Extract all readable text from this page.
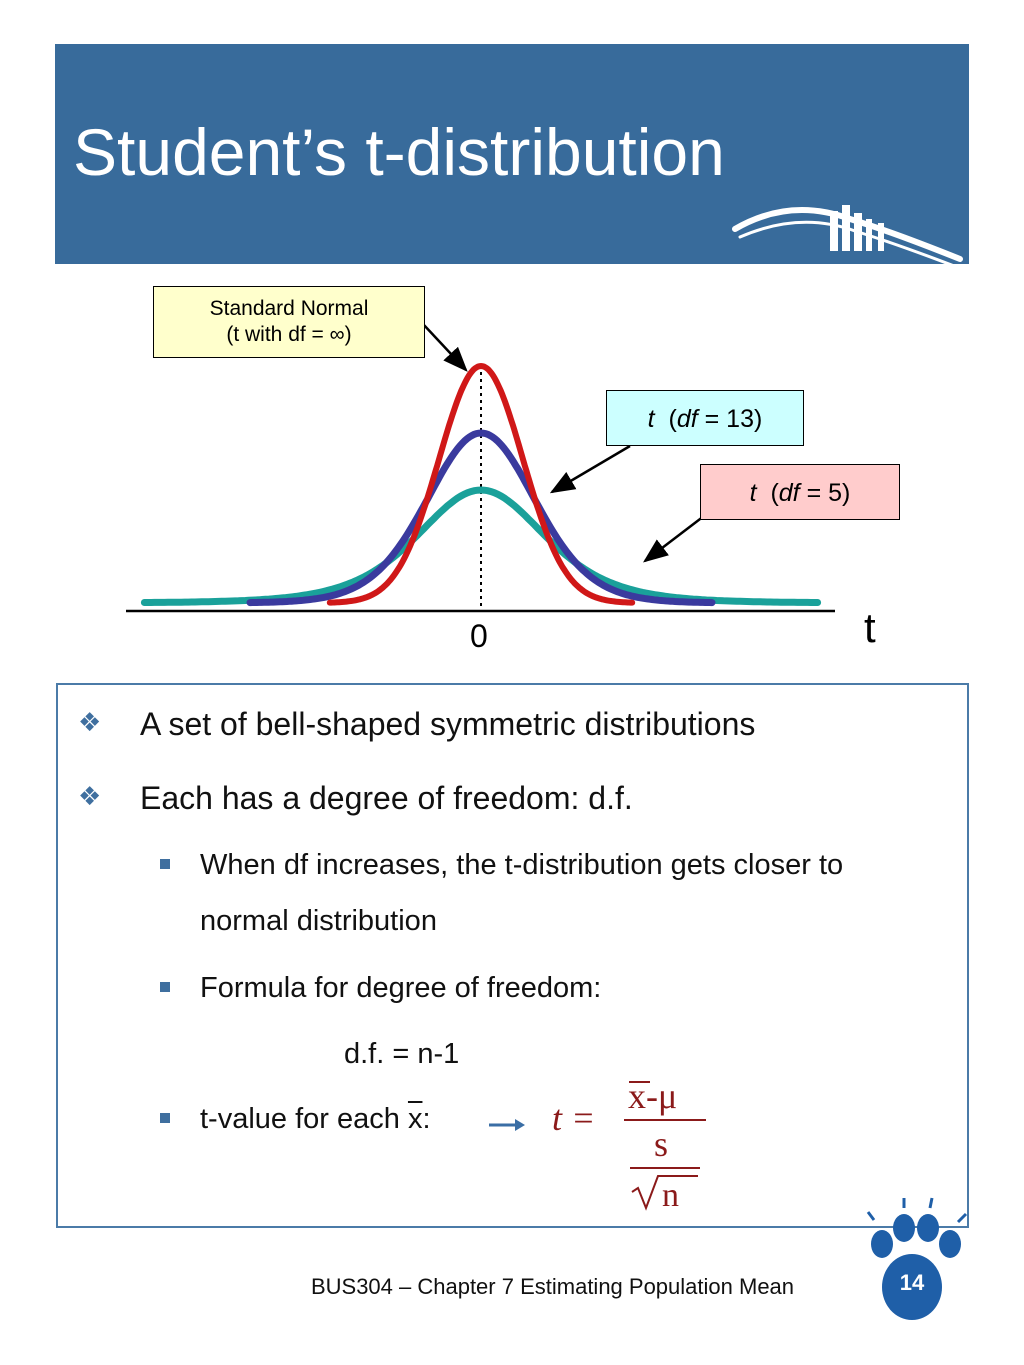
Student’s t-distribution
Standard Normal
(t with df = ∞)
t  (df = 13)
t  (df = 5)
0	t
❖ A set of bell-shaped symmetric distributions
❖ Each has a degree of freedom: d.f.
When df increases, the t-distribution gets closer to normal distribution
Formula for degree of freedom:
d.f. = n-1
t-value for each $\overline{x}$:	t =
x-μ
s
n
BUS304 – Chapter 7 Estimating Population Mean	14
